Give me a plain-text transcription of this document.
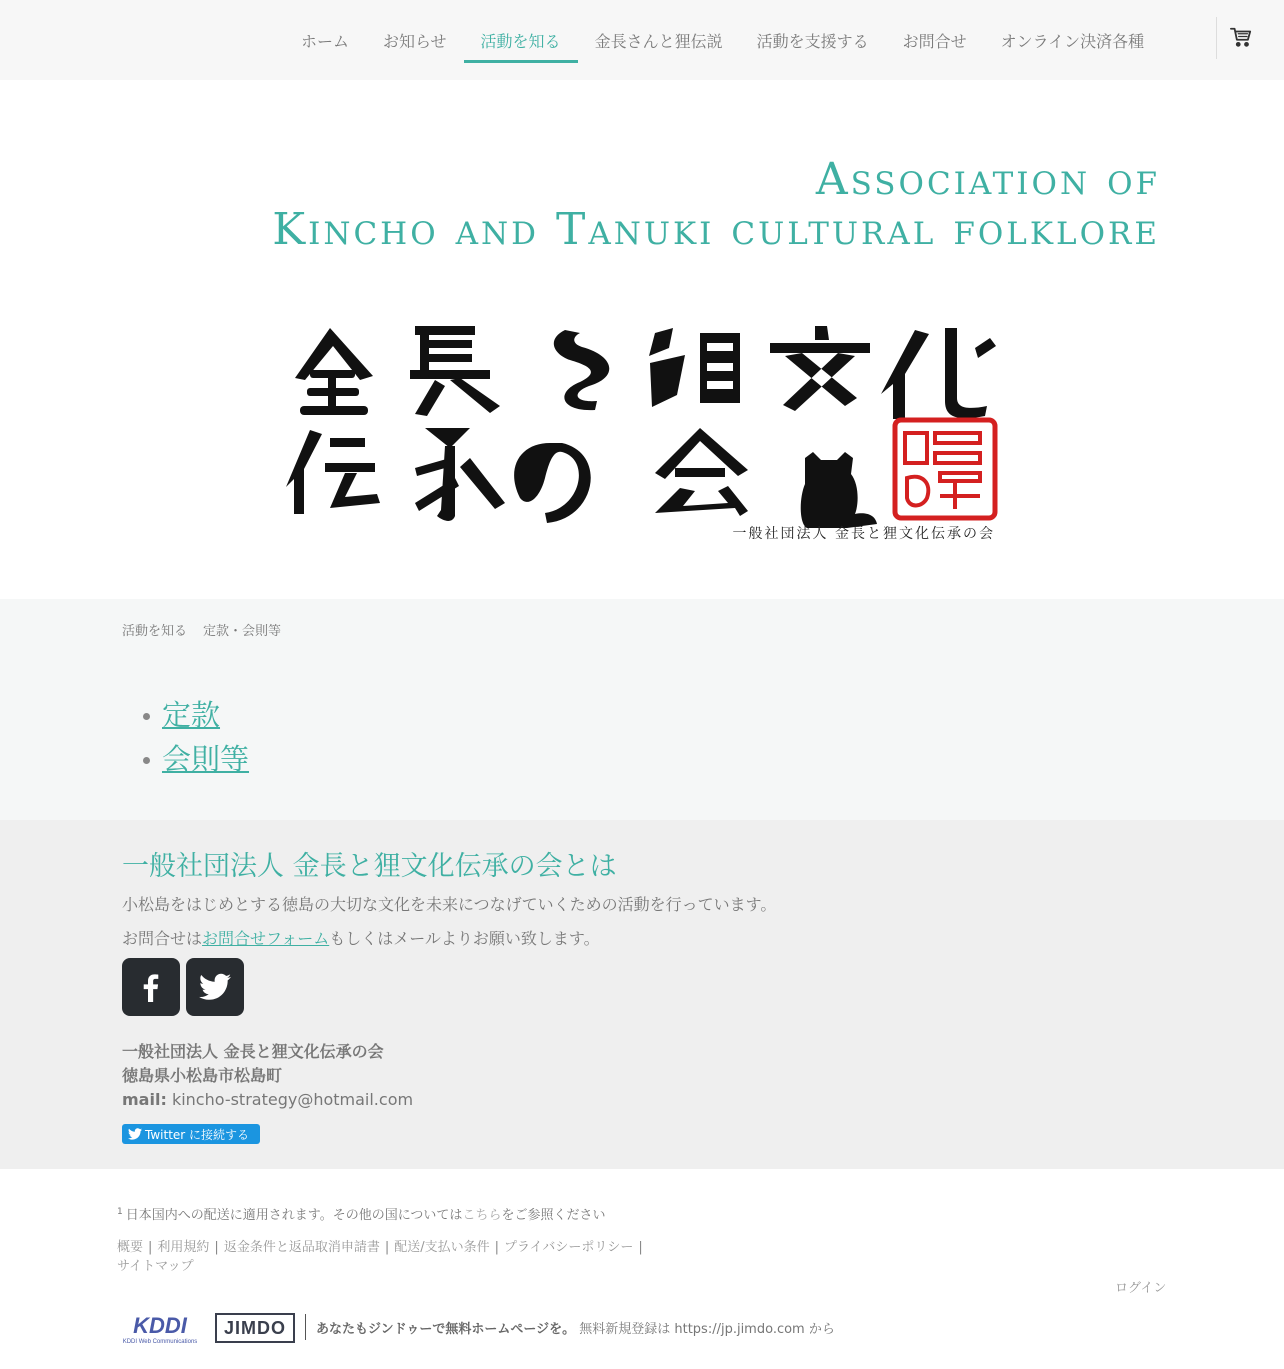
ホーム	お知らせ	活動を知る	金長さんと狸伝説	活動を支援する	お問合せ	オンライン決済各種
Association of
Kincho and Tanuki cultural folklore
一般社団法人 金長と狸文化伝承の会
活動を知る 定款・会則等
定款
会則等
一般社団法人 金長と狸文化伝承の会とは
小松島をはじめとする徳島の大切な文化を未来につなげていくための活動を行っています。
お問合せはお問合せフォームもしくはメールよりお願い致します。
一般社団法人 金長と狸文化伝承の会
徳島県小松島市松島町
mail: kincho-strategy@hotmail.com
Twitter に接続する
$^1$ 日本国内への配送に適用されます。その他の国についてはこちらをご参照ください
概要 | 利用規約 | 返金条件と返品取消申請書 | 配送/支払い条件 | プライバシーポリシー |
サイトマップ
ログイン
KDDI
KDDI Web Communications
JIMDO	あなたもジンドゥーで無料ホームページを。 無料新規登録は https://jp.jimdo.com から
